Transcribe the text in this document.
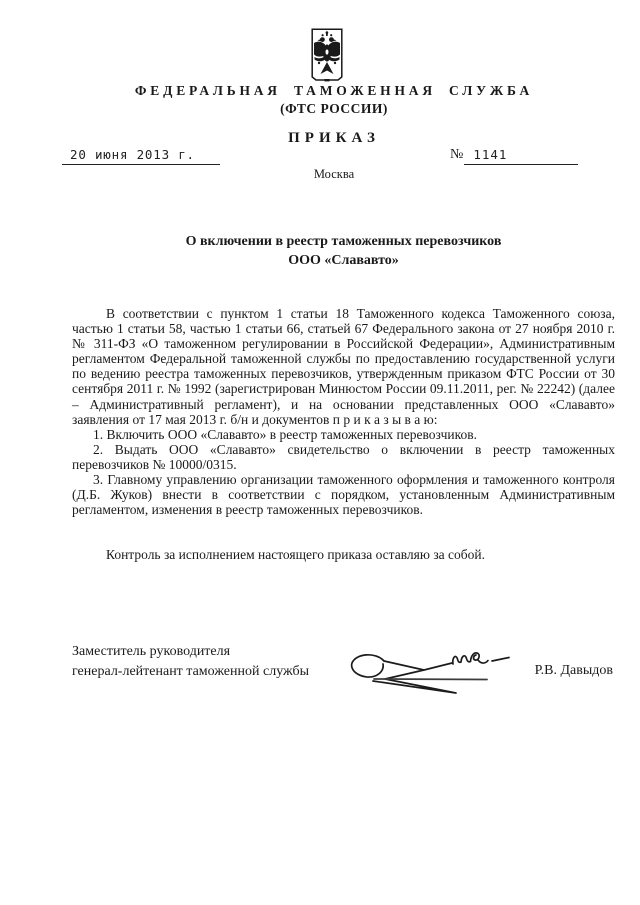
ФЕДЕРАЛЬНАЯ ТАМОЖЕННАЯ СЛУЖБА
(ФТС РОССИИ)
ПРИКАЗ
20 июня 2013 г.	№ 1141
Москва
О включении в реестр таможенных перевозчиков
ООО «Слававто»

В соответствии с пунктом 1 статьи 18 Таможенного кодекса Таможенного союза, частью 1 статьи 58, частью 1 статьи 66, статьей 67 Федерального закона от 27 ноября 2010 г. № 311-ФЗ «О таможенном регулировании в Российской Федерации», Административным регламентом Федеральной таможенной службы по предоставлению государственной услуги по ведению реестра таможенных перевозчиков, утвержденным приказом ФТС России от 30 сентября 2011 г. № 1992 (зарегистрирован Минюстом России 09.11.2011, рег. № 22242) (далее – Административный регламент), и на основании представленных ООО «Слававто» заявления от 17 мая 2013 г. б/н и документов п р и к а з ы в а ю:

1. Включить ООО «Слававто» в реестр таможенных перевозчиков.

2. Выдать ООО «Слававто» свидетельство о включении в реестр таможенных перевозчиков № 10000/0315.

3. Главному управлению организации таможенного оформления и таможенного контроля (Д.Б. Жуков) внести в соответствии с порядком, установленным Административным регламентом, изменения в реестр таможенных перевозчиков.

Контроль за исполнением настоящего приказа оставляю за собой.

Заместитель руководителя
генерал-лейтенант таможенной службы	Р.В. Давыдов
